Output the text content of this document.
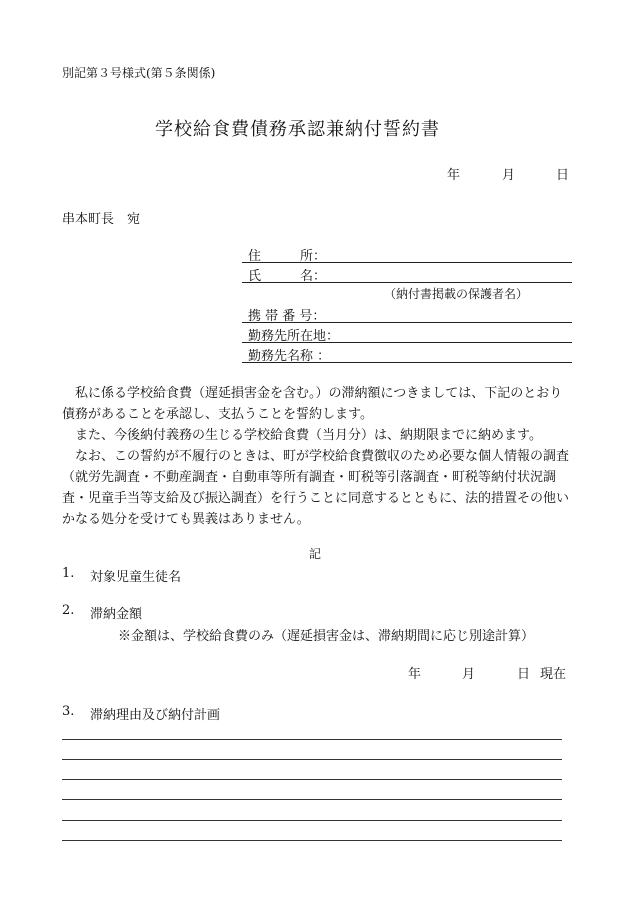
別記第３号様式(第５条関係)
学校給食費債務承認兼納付誓約書
年	月	日
串本町長　宛
住　　　所：
氏　　　名：
（納付書掲載の保護者名）
携 帯 番 号：
勤務先所在地：
勤務先名称 ：

私に係る学校給食費（遅延損害金を含む。）の滞納額につきましては、下記のとおり債務があることを承認し、支払うことを誓約します。

また、今後納付義務の生じる学校給食費（当月分）は、納期限までに納めます。

なお、この誓約が不履行のときは、町が学校給食費徴収のため必要な個人情報の調査（就労先調査・不動産調査・自動車等所有調査・町税等引落調査・町税等納付状況調査・児童手当等支給及び振込調査）を行うことに同意するとともに、法的措置その他いかなる処分を受けても異義はありません。

記
1. 対象児童生徒名
2. 滞納金額
※金額は、学校給食費のみ（遅延損害金は、滞納期間に応じ別途計算）
年	月	日 現在
3. 滞納理由及び納付計画
